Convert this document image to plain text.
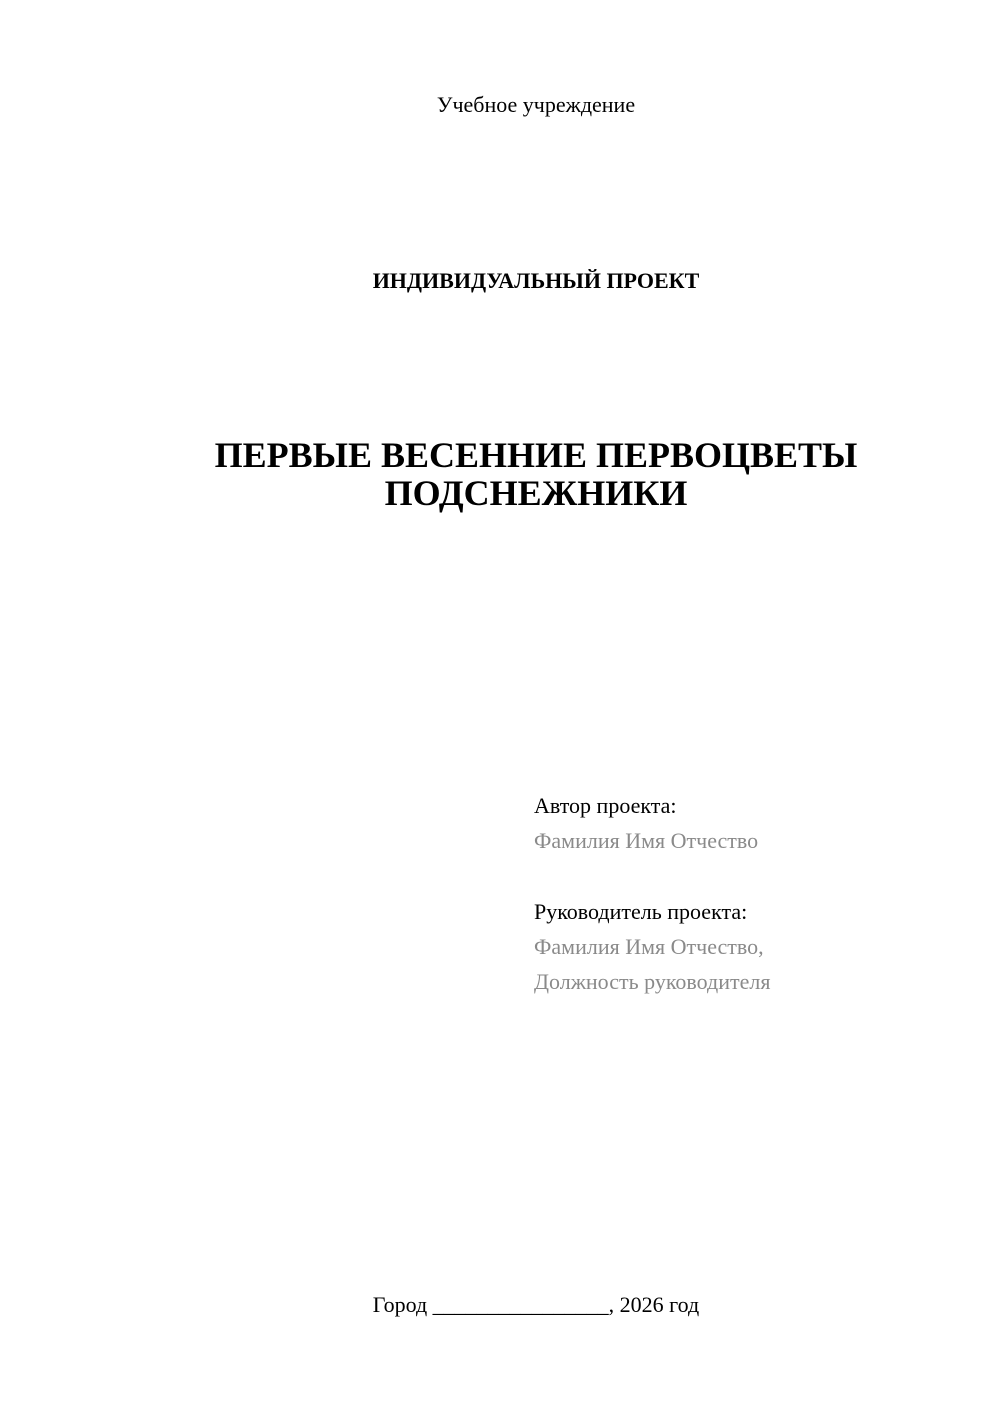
Учебное учреждение
ИНДИВИДУАЛЬНЫЙ ПРОЕКТ
ПЕРВЫЕ ВЕСЕННИЕ ПЕРВОЦВЕТЫ
ПОДСНЕЖНИКИ
Автор проекта:
Фамилия Имя Отчество
Руководитель проекта:
Фамилия Имя Отчество,
Должность руководителя
Город ________________, 2026 год
